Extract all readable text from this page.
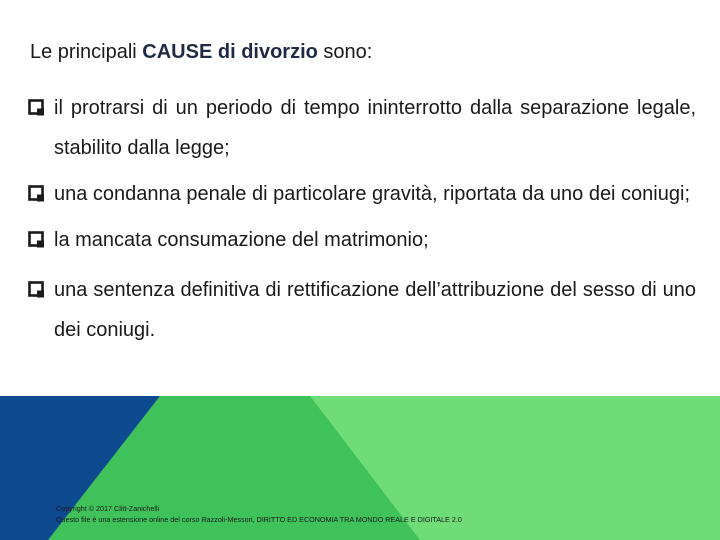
Le principali CAUSE di divorzio sono:

il protrarsi di un periodo di tempo ininterrotto dalla separazione legale, stabilito dalla legge;
una condanna penale di particolare gravità, riportata da uno dei coniugi;
la mancata consumazione del matrimonio;
una sentenza definitiva di rettificazione dell’attribuzione del sesso di uno dei coniugi.
Copyright © 2017 Clitt-Zanichelli
Questo file è una estensione online del corso Razzoli-Messori, DIRITTO ED ECONOMIA TRA MONDO REALE E DIGITALE 2.0
